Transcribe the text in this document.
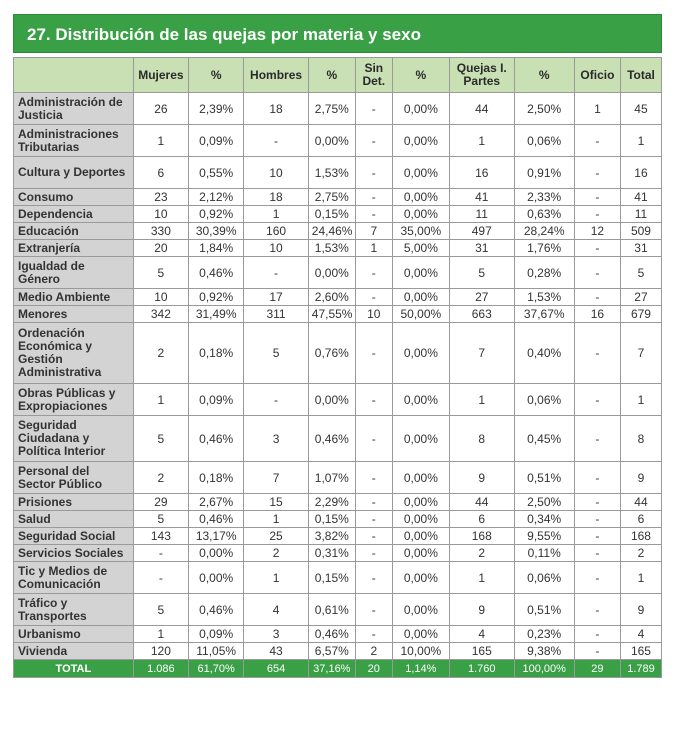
27. Distribución de las quejas por materia y sexo
	Mujeres	%	Hombres	%	Sin Det.	%	Quejas I. Partes	%	Oficio	Total
Administración de Justicia	26	2,39%	18	2,75%	-	0,00%	44	2,50%	1	45
Administraciones Tributarias	1	0,09%	-	0,00%	-	0,00%	1	0,06%	-	1
Cultura y Deportes	6	0,55%	10	1,53%	-	0,00%	16	0,91%	-	16
Consumo	23	2,12%	18	2,75%	-	0,00%	41	2,33%	-	41
Dependencia	10	0,92%	1	0,15%	-	0,00%	11	0,63%	-	11
Educación	330	30,39%	160	24,46%	7	35,00%	497	28,24%	12	509
Extranjería	20	1,84%	10	1,53%	1	5,00%	31	1,76%	-	31
Igualdad de Género	5	0,46%	-	0,00%	-	0,00%	5	0,28%	-	5
Medio Ambiente	10	0,92%	17	2,60%	-	0,00%	27	1,53%	-	27
Menores	342	31,49%	311	47,55%	10	50,00%	663	37,67%	16	679
Ordenación Económica y Gestión Administrativa	2	0,18%	5	0,76%	-	0,00%	7	0,40%	-	7
Obras Públicas y Expropiaciones	1	0,09%	-	0,00%	-	0,00%	1	0,06%	-	1
Seguridad Ciudadana y Política Interior	5	0,46%	3	0,46%	-	0,00%	8	0,45%	-	8
Personal del Sector Público	2	0,18%	7	1,07%	-	0,00%	9	0,51%	-	9
Prisiones	29	2,67%	15	2,29%	-	0,00%	44	2,50%	-	44
Salud	5	0,46%	1	0,15%	-	0,00%	6	0,34%	-	6
Seguridad Social	143	13,17%	25	3,82%	-	0,00%	168	9,55%	-	168
Servicios Sociales	-	0,00%	2	0,31%	-	0,00%	2	0,11%	-	2
Tic y Medios de Comunicación	-	0,00%	1	0,15%	-	0,00%	1	0,06%	-	1
Tráfico y Transportes	5	0,46%	4	0,61%	-	0,00%	9	0,51%	-	9
Urbanismo	1	0,09%	3	0,46%	-	0,00%	4	0,23%	-	4
Vivienda	120	11,05%	43	6,57%	2	10,00%	165	9,38%	-	165
TOTAL	1.086	61,70%	654	37,16%	20	1,14%	1.760	100,00%	29	1.789
